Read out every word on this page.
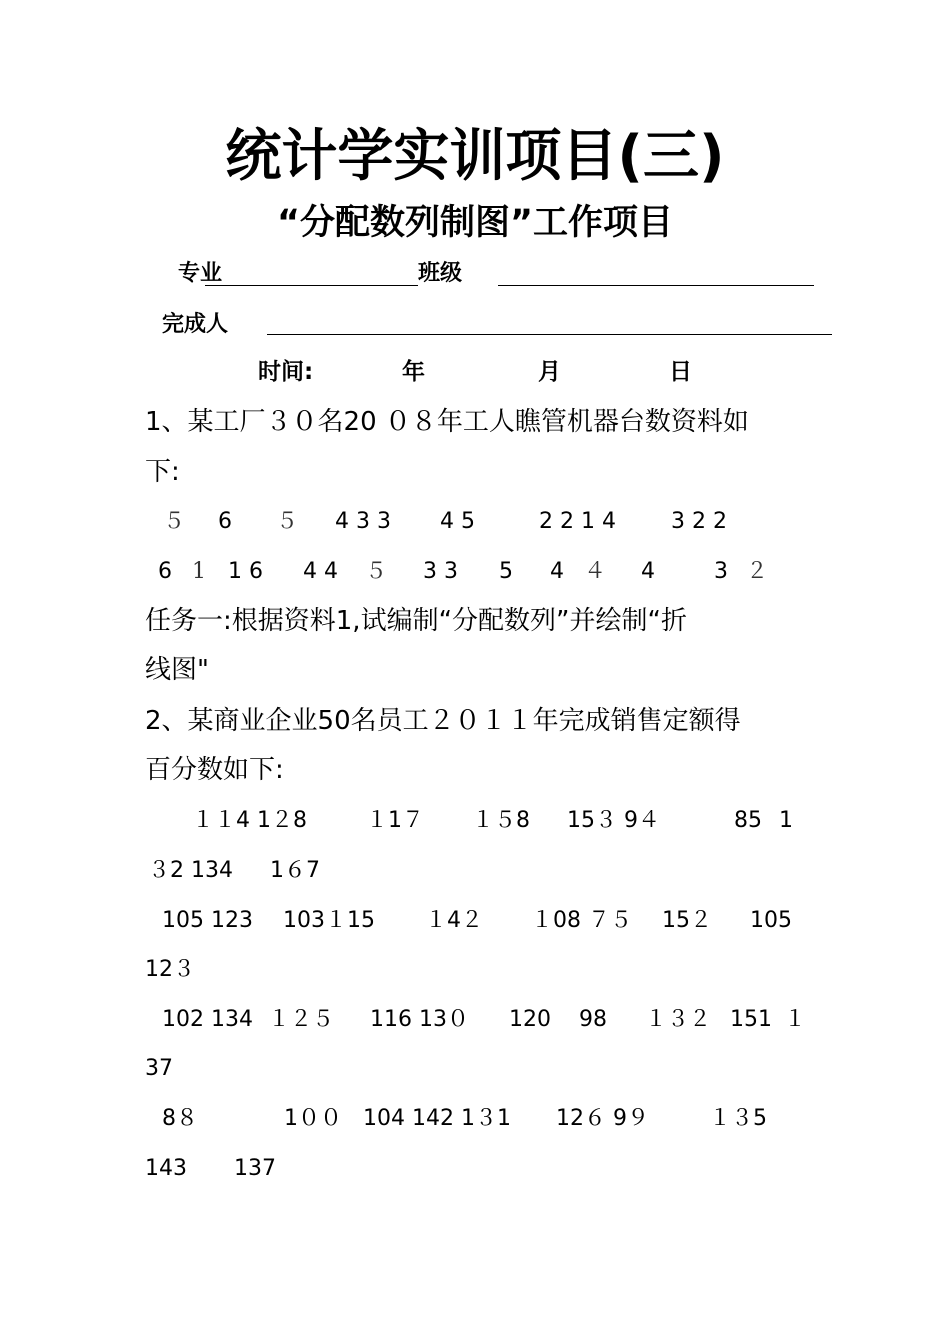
统计学实训项目(三)
“分配数列制图”工作项目
专业	班级
完成人
时间:	年	月	日
1、某工厂３０名20 ０８年工人瞧管机器台数资料如
下:
５ 6 ５ 4 3 3 4 5	2 2 1 4	3 2 2
6 1 1 6 4 4 ５ 3 3 5 4 ４ 4	3 ２
任务一:根据资料1,试编制“分配数列”并绘制“折
线图"
2、某商业企业50名员工２０１１年完成销售定额得
百分数如下:
１１4 1２8	１1７ １５8 15３ 9４	85 1
３2 134 1６7
105 123 103１15 １4２ １08 ７５ 15２ 105
12３
102 134 １２５ 116 13０ 120 98 １３２ 151 １
37
8８	1００ 104 142 1３1 12６ 9９	１３5
143 137
